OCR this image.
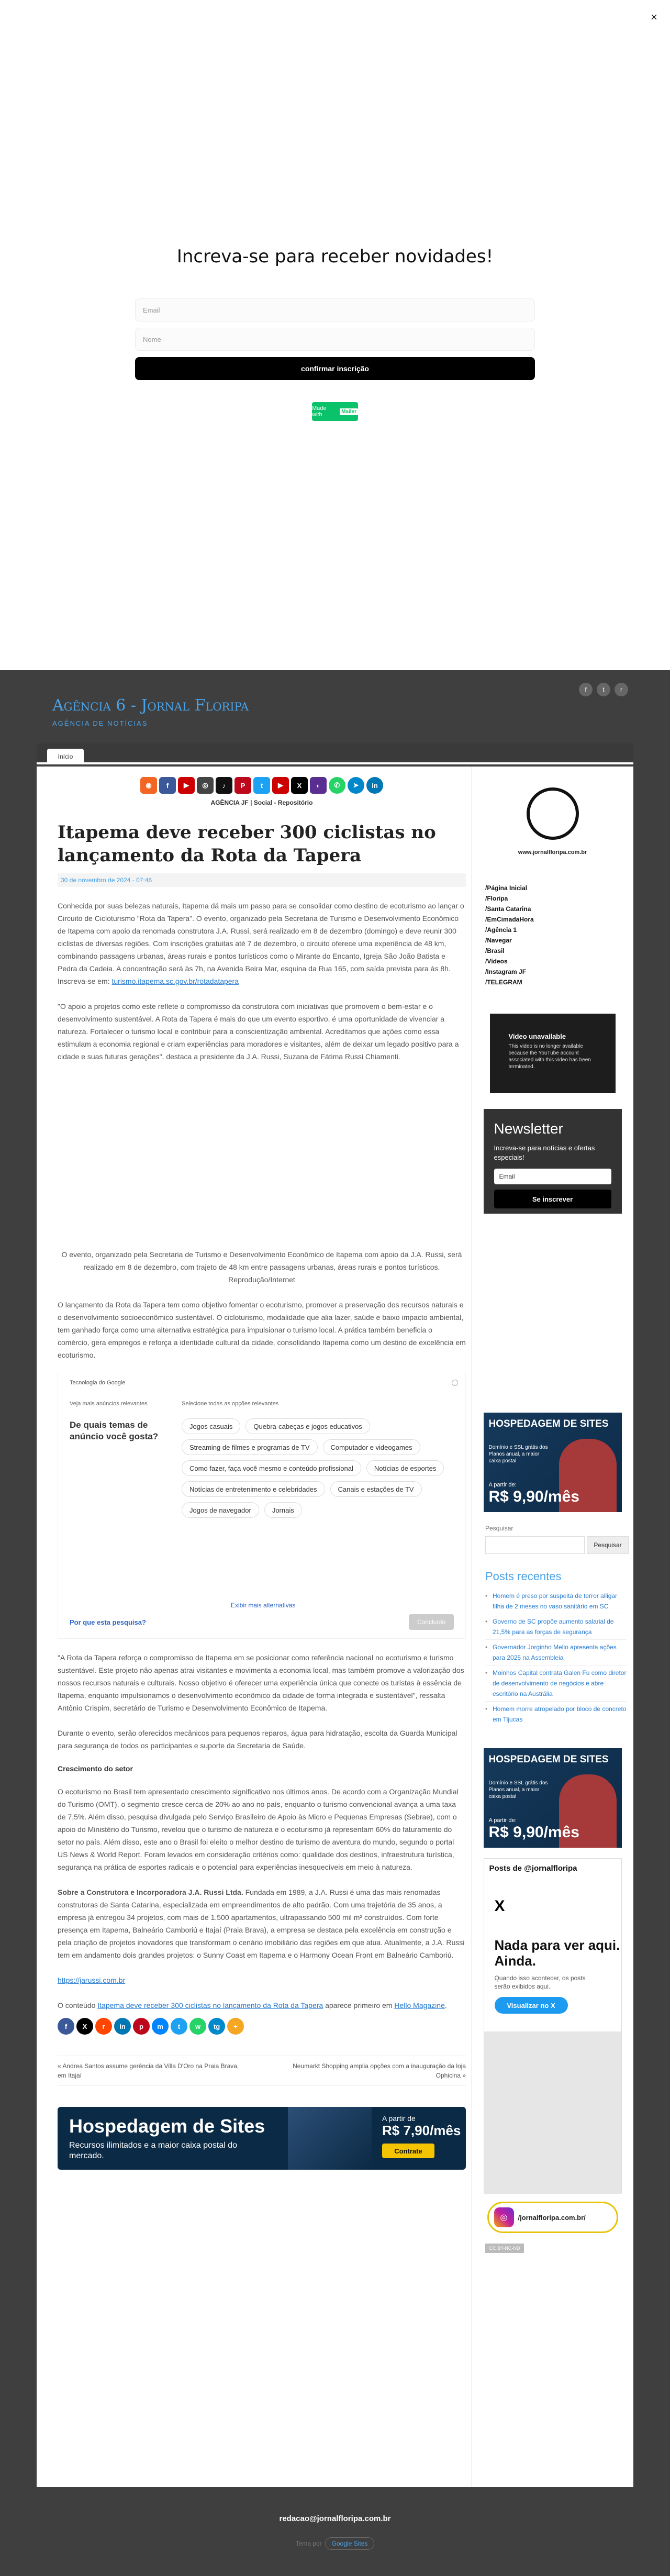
×
Increva-se para receber novidades!
Email
Nome
confirmar inscrição
Made with	Mailer
Agência 6 - Jornal Floripa
AGÊNCIA DE NOTÍCIAS
f	t	r
Início
◉	f	▶	◎	♪	P	t	▶	X	◐	✆	➤	in
AGÊNCIA JF | Social - Repositório
Itapema deve receber 300 ciclistas no lançamento da Rota da Tapera
30 de novembro de 2024 - 07:46

Conhecida por suas belezas naturais, Itapema dá mais um passo para se consolidar como destino de ecoturismo ao lançar o Circuito de Cicloturismo "Rota da Tapera". O evento, organizado pela Secretaria de Turismo e Desenvolvimento Econômico de Itapema com apoio da renomada construtora J.A. Russi, será realizado em 8 de dezembro (domingo) e deve reunir 300 ciclistas de diversas regiões. Com inscrições gratuitas até 7 de dezembro, o circuito oferece uma experiência de 48 km, combinando passagens urbanas, áreas rurais e pontos turísticos como o Mirante do Encanto, Igreja São João Batista e Pedra da Cadeia. A concentração será às 7h, na Avenida Beira Mar, esquina da Rua 165, com saída prevista para às 8h. Inscreva-se em: turismo.itapema.sc.gov.br/rotadatapera

"O apoio a projetos como este reflete o compromisso da construtora com iniciativas que promovem o bem-estar e o desenvolvimento sustentável. A Rota da Tapera é mais do que um evento esportivo, é uma oportunidade de vivenciar a natureza. Fortalecer o turismo local e contribuir para a conscientização ambiental. Acreditamos que ações como essa estimulam a economia regional e criam experiências para moradores e visitantes, além de deixar um legado positivo para a cidade e suas futuras gerações", destaca a presidente da J.A. Russi, Suzana de Fátima Russi Chiamenti.

O evento, organizado pela Secretaria de Turismo e Desenvolvimento Econômico de Itapema com apoio da J.A. Russi, será realizado em 8 de dezembro, com trajeto de 48 km entre passagens urbanas, áreas rurais e pontos turísticos. Reprodução/Internet

O lançamento da Rota da Tapera tem como objetivo fomentar o ecoturismo, promover a preservação dos recursos naturais e o desenvolvimento socioeconômico sustentável. O cicloturismo, modalidade que alia lazer, saúde e baixo impacto ambiental, tem ganhado força como uma alternativa estratégica para impulsionar o turismo local. A prática também beneficia o comércio, gera empregos e reforça a identidade cultural da cidade, consolidando Itapema como um destino de excelência em ecoturismo.

Tecnologia do Google
Veja mais anúncios relevantes
De quais temas de anúncio você gosta?
Selecione todas as opções relevantes
Jogos casuais	Quebra-cabeças e jogos educativos
Streaming de filmes e programas de TV	Computador e videogames
Como fazer, faça você mesmo e conteúdo profissional	Notícias de esportes
Notícias de entretenimento e celebridades	Canais e estações de TV
Jogos de navegador	Jornais
Exibir mais alternativas
Por que esta pesquisa?	Concluído

"A Rota da Tapera reforça o compromisso de Itapema em se posicionar como referência nacional no ecoturismo e turismo sustentável. Este projeto não apenas atrai visitantes e movimenta a economia local, mas também promove a valorização dos nossos recursos naturais e culturais. Nosso objetivo é oferecer uma experiência única que conecte os turistas à essência de Itapema, enquanto impulsionamos o desenvolvimento econômico da cidade de forma integrada e sustentável", ressalta Antônio Crispim, secretário de Turismo e Desenvolvimento Econômico de Itapema.

Durante o evento, serão oferecidos mecânicos para pequenos reparos, água para hidratação, escolta da Guarda Municipal para segurança de todos os participantes e suporte da Secretaria de Saúde.

Crescimento do setor

O ecoturismo no Brasil tem apresentado crescimento significativo nos últimos anos. De acordo com a Organização Mundial do Turismo (OMT), o segmento cresce cerca de 20% ao ano no país, enquanto o turismo convencional avança a uma taxa de 7,5%. Além disso, pesquisa divulgada pelo Serviço Brasileiro de Apoio às Micro e Pequenas Empresas (Sebrae), com o apoio do Ministério do Turismo, revelou que o turismo de natureza e o ecoturismo já representam 60% do faturamento do setor no país. Além disso, este ano o Brasil foi eleito o melhor destino de turismo de aventura do mundo, segundo o portal US News & World Report. Foram levados em consideração critérios como: qualidade dos destinos, infraestrutura turística, segurança na prática de esportes radicais e o potencial para experiências inesquecíveis em meio à natureza.

Sobre a Construtora e Incorporadora J.A. Russi Ltda. Fundada em 1989, a J.A. Russi é uma das mais renomadas construtoras de Santa Catarina, especializada em empreendimentos de alto padrão. Com uma trajetória de 35 anos, a empresa já entregou 34 projetos, com mais de 1.500 apartamentos, ultrapassando 500 mil m² construídos. Com forte presença em Itapema, Balneário Camboriú e Itajaí (Praia Brava), a empresa se destaca pela excelência em construção e pela criação de projetos inovadores que transformam o cenário imobiliário das regiões em que atua. Atualmente, a J.A. Russi tem em andamento dois grandes projetos: o Sunny Coast em Itapema e o Harmony Ocean Front em Balneário Camboriú.

https://jarussi.com.br

O conteúdo Itapema deve receber 300 ciclistas no lançamento da Rota da Tapera aparece primeiro em Hello Magazine.

f	X	r	in	p	m	t	w	tg	+
« Andrea Santos assume gerência da Villa D'Oro na Praia Brava, em Itajaí
Neumarkt Shopping amplia opções com a inauguração da loja Ophicina »
Hospedagem de Sites
Recursos ilimitados e a maior caixa postal do mercado.
A partir de
R$ 7,90/mês
Contrate
www.jornalfloripa.com.br
/Página Inicial
/Floripa
/Santa Catarina
/EmCimadaHora
/Agência 1
/Navegar
/Brasil
/Vídeos
/Instagram JF
/TELEGRAM
Video unavailable
This video is no longer available because the YouTube account associated with this video has been terminated.
Newsletter

Increva-se para notícias e ofertas especiais!

Email
Se inscrever
HOSPEDAGEM DE SITES
Domínio e SSL grátis dos Planos anual, a maior caixa postal
A partir de:
R$ 9,90/mês
Pesquisar
Pesquisar
Posts recentes
• Homem é preso por suspeita de terror alligar filha de 2 meses no vaso sanitário em SC
• Governo de SC propõe aumento salarial de 21,5% para as forças de segurança
• Governador Jorginho Mello apresenta ações para 2025 na Assembleia
• Moinhos Capital contrata Galen Fu como diretor de desenvolvimento de negócios e abre escritório na Austrália
• Homem morre atropelado por bloco de concreto em Tijucas
HOSPEDAGEM DE SITES
Domínio e SSL grátis dos Planos anual, a maior caixa postal
A partir de:
R$ 9,90/mês
Posts de @jornalfloripa
X
Nada para ver aqui. Ainda.
Quando isso acontecer, os posts serão exibidos aqui.
Visualizar no X
◎	/jornalfloripa.com.br/
CC BY-NC-ND
redacao@jornalfloripa.com.br
Tema por Google Sites
